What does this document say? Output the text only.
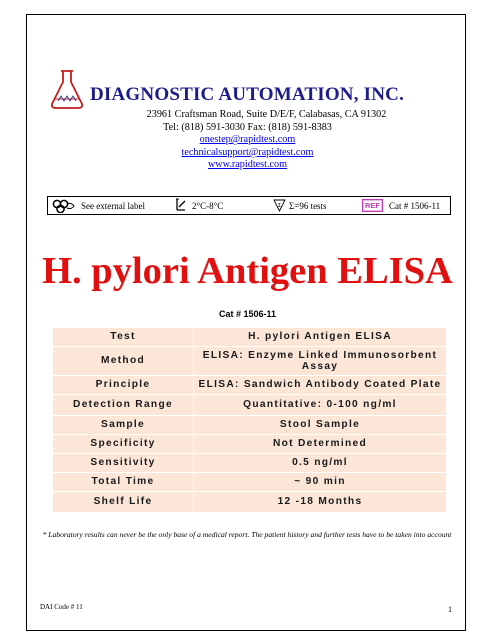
DIAGNOSTIC AUTOMATION, INC.
23961 Craftsman Road, Suite D/E/F, Calabasas, CA 91302
Tel: (818) 591-3030 Fax: (818) 591-8383
onestep@rapidtest.com
technicalsupport@rapidtest.com
www.rapidtest.com
See external label	2°C-8°C	Σ Σ=96 tests	REF	Cat # 1506-11
H. pylori Antigen ELISA
Cat # 1506-11
Test	H. pylori Antigen ELISA
Method	ELISA: Enzyme Linked Immunosorbent Assay
Principle	ELISA: Sandwich Antibody Coated Plate
Detection Range	Quantitative: 0-100 ng/ml
Sample	Stool Sample
Specificity	Not Determined
Sensitivity	0.5 ng/ml
Total Time	~ 90 min
Shelf Life	12 -18 Months
* Laboratory results can never be the only base of a medical report. The patient history and further tests have to be taken into account
DAI Code # 11	1
